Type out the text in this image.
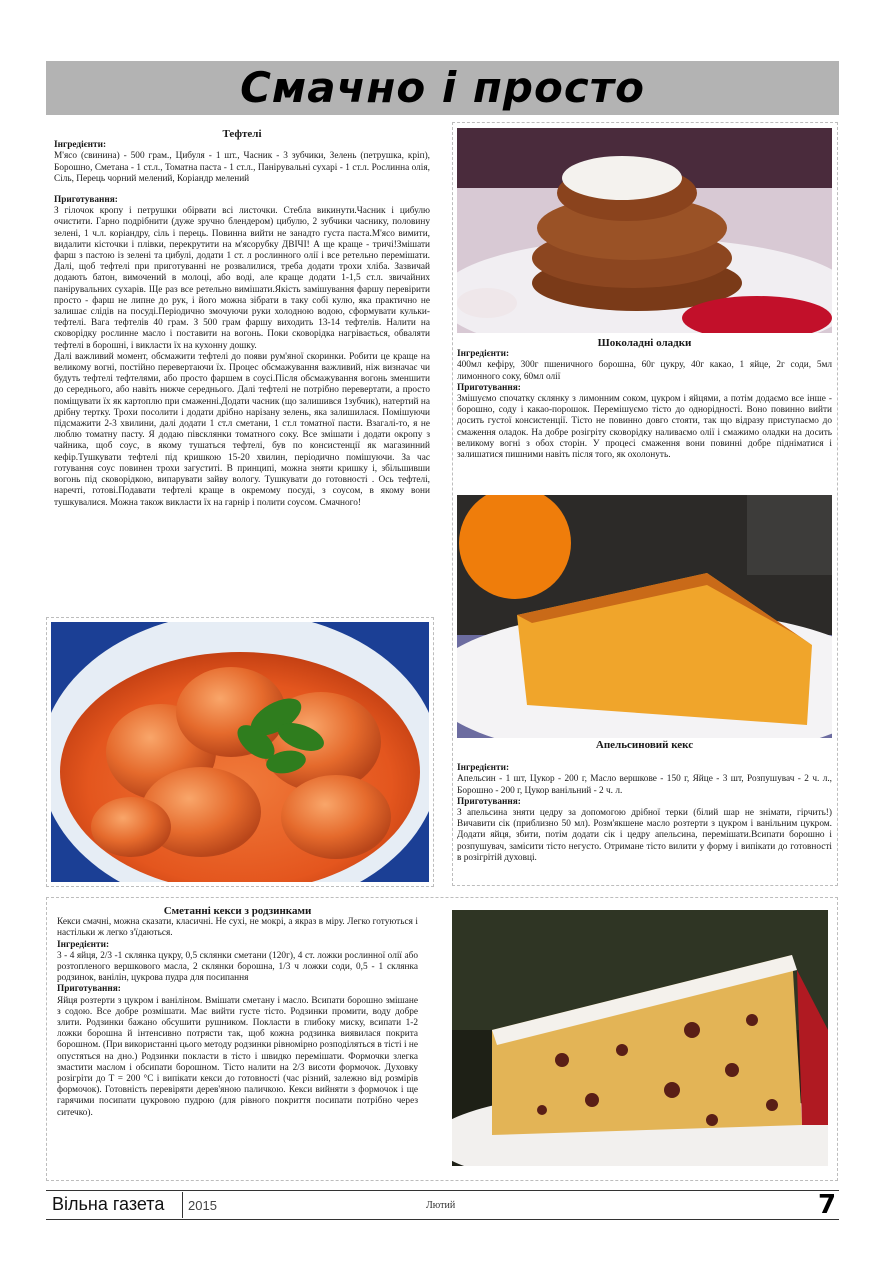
Смачно і просто

Тефтелі

Інгредієнти:

М'ясо (свинина) - 500 грам., Цибуля - 1 шт., Часник - 3 зубчики, Зелень (петрушка, кріп), Борошно, Сметана - 1 ст.л., Томатна паста - 1 ст.л., Панірувальні сухарі - 1 ст.л. Рослинна олія, Сіль, Перець чорний мелений, Коріандр мелений

Приготування:

З гілочок кропу і петрушки обірвати всі листочки. Стебла викинути.Часник і цибулю очистити. Гарно подрібнити (дуже зручно блендером) цибулю, 2 зубчики часнику, половину зелені, 1 ч.л. коріандру, сіль і перець. Повинна вийти не занадто густа паста.М'ясо вимити, видалити кісточки і плівки, перекрутити на м'ясорубку ДВІЧІ! А ще краще - тричі!Змішати фарш з пастою із зелені та цибулі, додати 1 ст. л рослинного олії і все ретельно перемішати. Далі, щоб тефтелі при приготуванні не розвалилися, треба додати трохи хліба. Зазвичай додають батон, вимочений в молоці, або воді, але краще додати 1-1,5 ст.л. звичайних панірувальних сухарів. Ще раз все ретельно вимішати.Якість замішування фаршу перевірити просто - фарш не липне до рук, і його можна зібрати в таку собі кулю, яка практично не залишає слідів на посуді.Періодично змочуючи руки холодною водою, сформувати кульки-тефтелі. Вага тефтелів 40 грам. З 500 грам фаршу виходить 13-14 тефтелів. Налити на сковорідку рослинне масло і поставити на вогонь. Поки сковорідка нагрівається, обваляти тефтелі в борошні, і викласти їх на кухонну дошку.

Далі важливий момент, обсмажити тефтелі до появи рум'яної скоринки. Робити це краще на великому вогні, постійно перевертаючи їх. Процес обсмажування важливий, ніж визначає чи будуть тефтелі тефтелями, або просто фаршем в соусі.Після обсмажування вогонь зменшити до середнього, або навіть нижче середнього. Далі тефтелі не потрібно перевертати, а просто поміщувати їх як картоплю при смаженні.Додати часник (що залишився 1зубчик), натертий на дрібну тертку. Трохи посолити і додати дрібно нарізану зелень, яка залишилася. Помішуючи підсмажити 2-3 хвилини, далі додати 1 ст.л сметани, 1 ст.л томатної пасти. Взагалі-то, я не люблю томатну пасту. Я додаю півсклянки томатного соку. Все змішати і додати окропу з чайника, щоб соус, в якому тушаться тефтелі, був по консистенції як магазинний кефір.Тушкувати тефтелі під кришкою 15-20 хвилин, періодично помішуючи. За час готування соус повинен трохи загуститі. В принципі, можна зняти кришку і, збільшивши вогонь під сковорідкою, випарувати зайву вологу. Тушкувати до готовності . Ось тефтелі, наречті, готові.Подавати тефтелі краще в окремому посуді, з соусом, в якому вони тушкувалися. Можна також викласти їх на гарнір і полити соусом. Смачного!

Шоколадні оладки

Інгредієнти:

400мл кефіру, 300г пшеничного борошна, 60г цукру, 40г какао, 1 яйце, 2г соди, 5мл лимонного соку, 60мл олії

Приготування:

Змішуємо спочатку склянку з лимонним соком, цукром і яйцями, а потім додаємо все інше - борошно, соду і какао-порошок. Перемішуємо тісто до однорідності. Воно повинно вийти досить густої консистенції. Тісто не повинно довго стояти, так що відразу приступаємо до смаження оладок. На добре розігріту сковорідку наливаємо олії і смажимо оладки на досить великому вогні з обох сторін. У процесі смаження вони повинні добре підніматися і залишатися пишними навіть після того, як охолонуть.

Апельсиновий кекс

Інгредієнти:

Апельсин - 1 шт, Цукор - 200 г, Масло вершкове - 150 г, Яйце - 3 шт, Розпушувач - 2 ч. л., Борошно - 200 г, Цукор ванільний - 2 ч. л.

Приготування:

З апельсина зняти цедру за допомогою дрібної терки (білий шар не знімати, гірчить!) Вичавити сік (приблизно 50 мл). Розм'якшене масло розтерти з цукром і ванільним цукром. Додати яйця, збити, потім додати сік і цедру апельсина, перемішати.Всипати борошно і розпушувач, замісити тісто негусто. Отримане тісто вилити у форму і випікати до готовності в розігрітій духовці.

Сметанні кекси з родзинками

Кекси смачні, можна сказати, класичні. Не сухі, не мокрі, а якраз в міру. Легко готуються і настільки ж легко з'їдаються.

Інгредієнти:

3 - 4 яйця, 2/3 -1 склянка цукру, 0,5 склянки сметани (120г), 4 ст. ложки рослинної олії або розтопленого вершкового масла, 2 склянки борошна, 1/3 ч ложки соди, 0,5 - 1 склянка родзинок, ванілін, цукрова пудра для посипання

Приготування:

Яйця розтерти з цукром і ваніліном. Вмішати сметану і масло. Всипати борошно змішане з содою. Все добре розмішати. Має вийти густе тісто. Родзинки промити, воду добре злити. Родзинки бажано обсушити рушником. Покласти в глибоку миску, всипати 1-2 ложки борошна й інтенсивно потрясти так, щоб кожна родзинка виявилася покрита борошном. (При використанні цього методу родзинки рівномірно розподіляться в тісті і не опустяться на дно.) Родзинки покласти в тісто і швидко перемішати. Формочки злегка змастити маслом і обсипати борошном. Тісто налити на 2/3 висоти формочок. Духовку розігріти до Т = 200 °С і випікати кекси до готовності (час різний, залежно від розмірів формочок). Готовність перевіряти дерев'яною паличкою. Кекси вийняти з формочок і ще гарячими посипати цукровою пудрою (для рівного покриття посипати потрібно через ситечко).

Вільна газета 2015	Лютий	7
